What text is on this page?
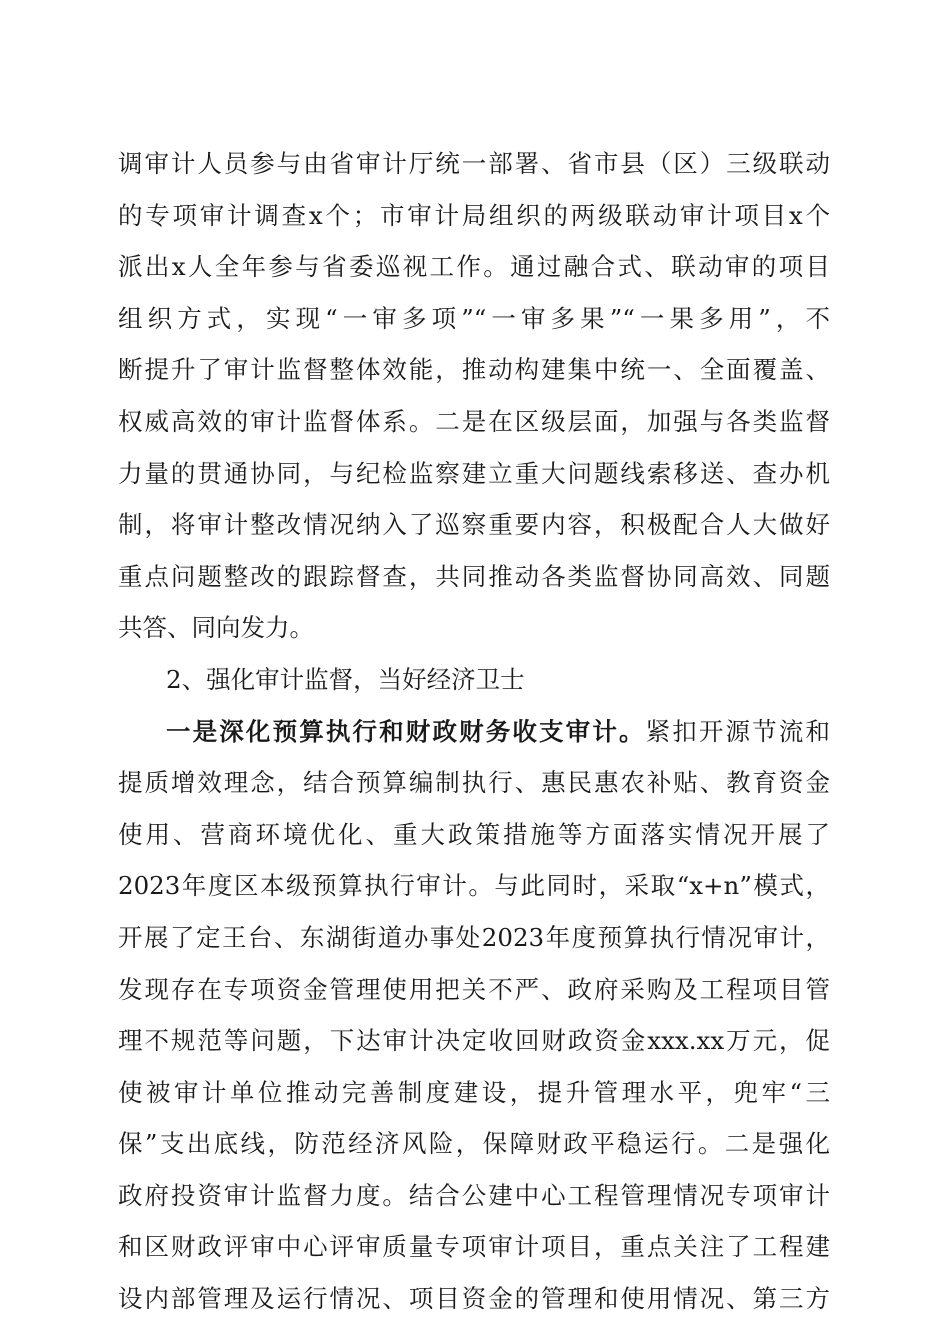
调审计人员参与由省审计厅统一部署、省市县（区）三级联动
的专项审计调查x个；市审计局组织的两级联动审计项目x个
派出x人全年参与省委巡视工作。通过融合式、联动审的项目
组织方式，实现“一审多项”“一审多果”“一果多用”，不
断提升了审计监督整体效能，推动构建集中统一、全面覆盖、
权威高效的审计监督体系。二是在区级层面，加强与各类监督
力量的贯通协同，与纪检监察建立重大问题线索移送、查办机
制，将审计整改情况纳入了巡察重要内容，积极配合人大做好
重点问题整改的跟踪督查，共同推动各类监督协同高效、同题
共答、同向发力。
2、强化审计监督，当好经济卫士
一是深化预算执行和财政财务收支审计。紧扣开源节流和
提质增效理念，结合预算编制执行、惠民惠农补贴、教育资金
使用、营商环境优化、重大政策措施等方面落实情况开展了
2023年度区本级预算执行审计。与此同时，采取“x+n”模式，
开展了定王台、东湖街道办事处2023年度预算执行情况审计，
发现存在专项资金管理使用把关不严、政府采购及工程项目管
理不规范等问题，下达审计决定收回财政资金xxx.xx万元，促
使被审计单位推动完善制度建设，提升管理水平，兜牢“三
保”支出底线，防范经济风险，保障财政平稳运行。二是强化
政府投资审计监督力度。结合公建中心工程管理情况专项审计
和区财政评审中心评审质量专项审计项目，重点关注了工程建
设内部管理及运行情况、项目资金的管理和使用情况、第三方
